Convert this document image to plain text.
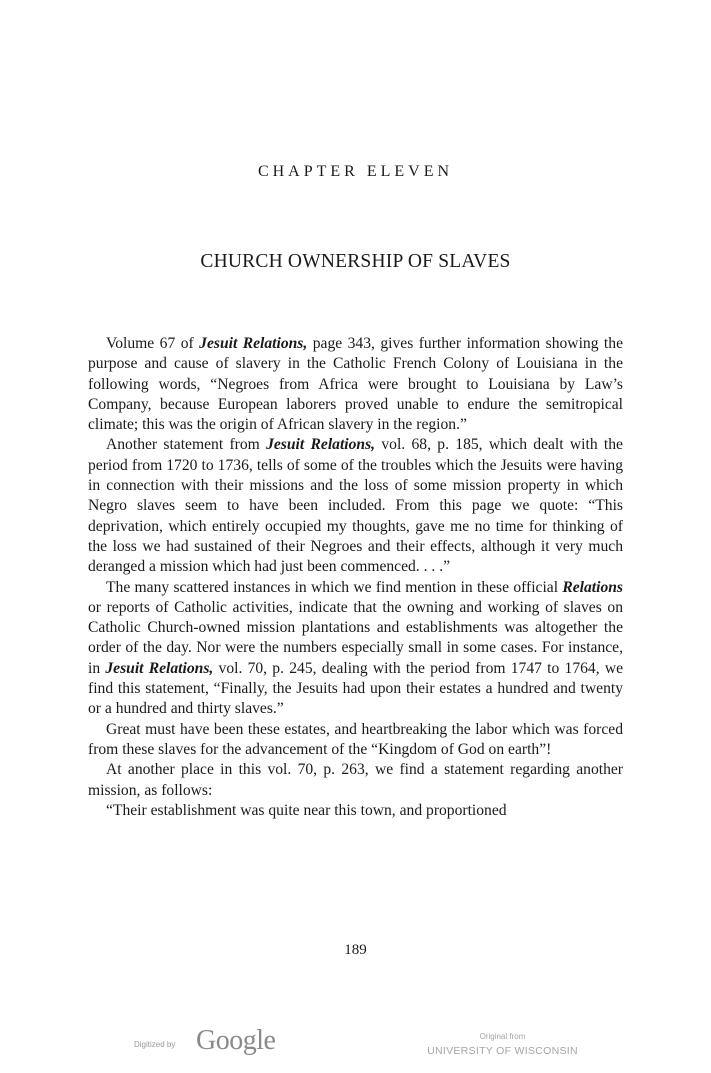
CHAPTER ELEVEN
CHURCH OWNERSHIP OF SLAVES

Volume 67 of Jesuit Relations, page 343, gives further information showing the purpose and cause of slavery in the Catholic French Colony of Louisiana in the following words, “Negroes from Africa were brought to Louisiana by Law’s Company, because European laborers proved unable to endure the semitropical climate; this was the origin of African slavery in the region.”

Another statement from Jesuit Relations, vol. 68, p. 185, which dealt with the period from 1720 to 1736, tells of some of the troubles which the Jesuits were having in connection with their missions and the loss of some mission property in which Negro slaves seem to have been included. From this page we quote: “This deprivation, which entirely occupied my thoughts, gave me no time for thinking of the loss we had sustained of their Negroes and their effects, although it very much deranged a mission which had just been commenced. . . .”

The many scattered instances in which we find mention in these official Relations or reports of Catholic activities, indicate that the owning and working of slaves on Catholic Church-owned mission plantations and establishments was altogether the order of the day. Nor were the numbers especially small in some cases. For instance, in Jesuit Relations, vol. 70, p. 245, dealing with the period from 1747 to 1764, we find this statement, “Finally, the Jesuits had upon their estates a hundred and twenty or a hundred and thirty slaves.”

Great must have been these estates, and heartbreaking the labor which was forced from these slaves for the advancement of the “Kingdom of God on earth”!

At another place in this vol. 70, p. 263, we find a statement regarding another mission, as follows:

“Their establishment was quite near this town, and proportioned

189
Digitized by Google	Original from
UNIVERSITY OF WISCONSIN
